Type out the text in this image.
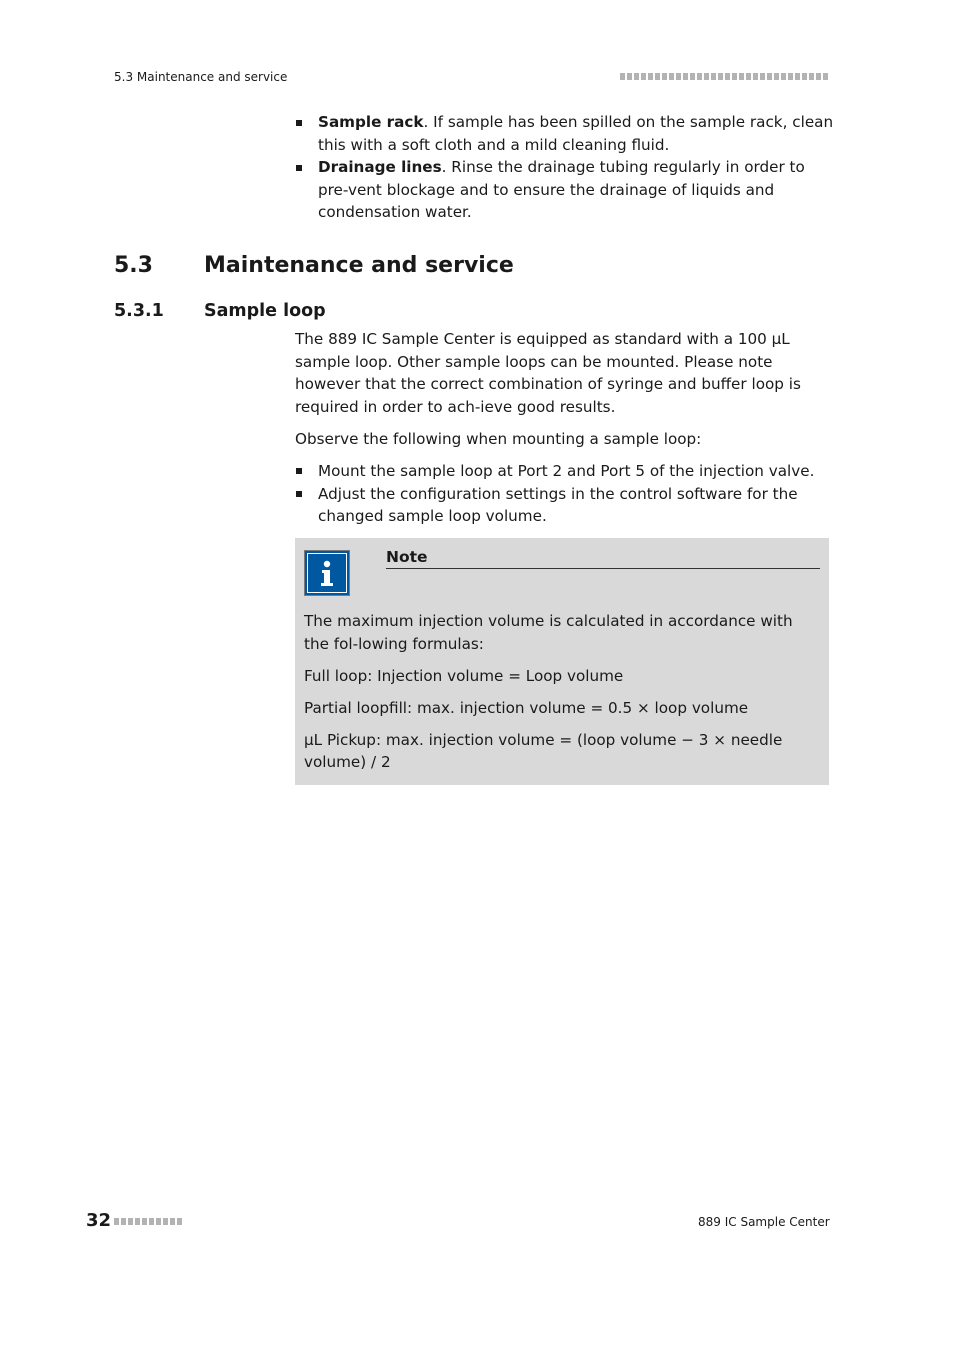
5.3 Maintenance and service
Sample rack. If sample has been spilled on the sample rack, clean this with a soft cloth and a mild cleaning fluid.
Drainage lines. Rinse the drainage tubing regularly in order to pre-vent blockage and to ensure the drainage of liquids and condensation water.
5.3 Maintenance and service
5.3.1 Sample loop

The 889 IC Sample Center is equipped as standard with a 100 µL sample loop. Other sample loops can be mounted. Please note however that the correct combination of syringe and buffer loop is required in order to ach-ieve good results.

Observe the following when mounting a sample loop:

Mount the sample loop at Port 2 and Port 5 of the injection valve.
Adjust the configuration settings in the control software for the changed sample loop volume.
Note

The maximum injection volume is calculated in accordance with the fol-lowing formulas:

Full loop: Injection volume = Loop volume

Partial loopfill: max. injection volume = 0.5 × loop volume

µL Pickup: max. injection volume = (loop volume − 3 × needle volume) / 2

32	889 IC Sample Center
